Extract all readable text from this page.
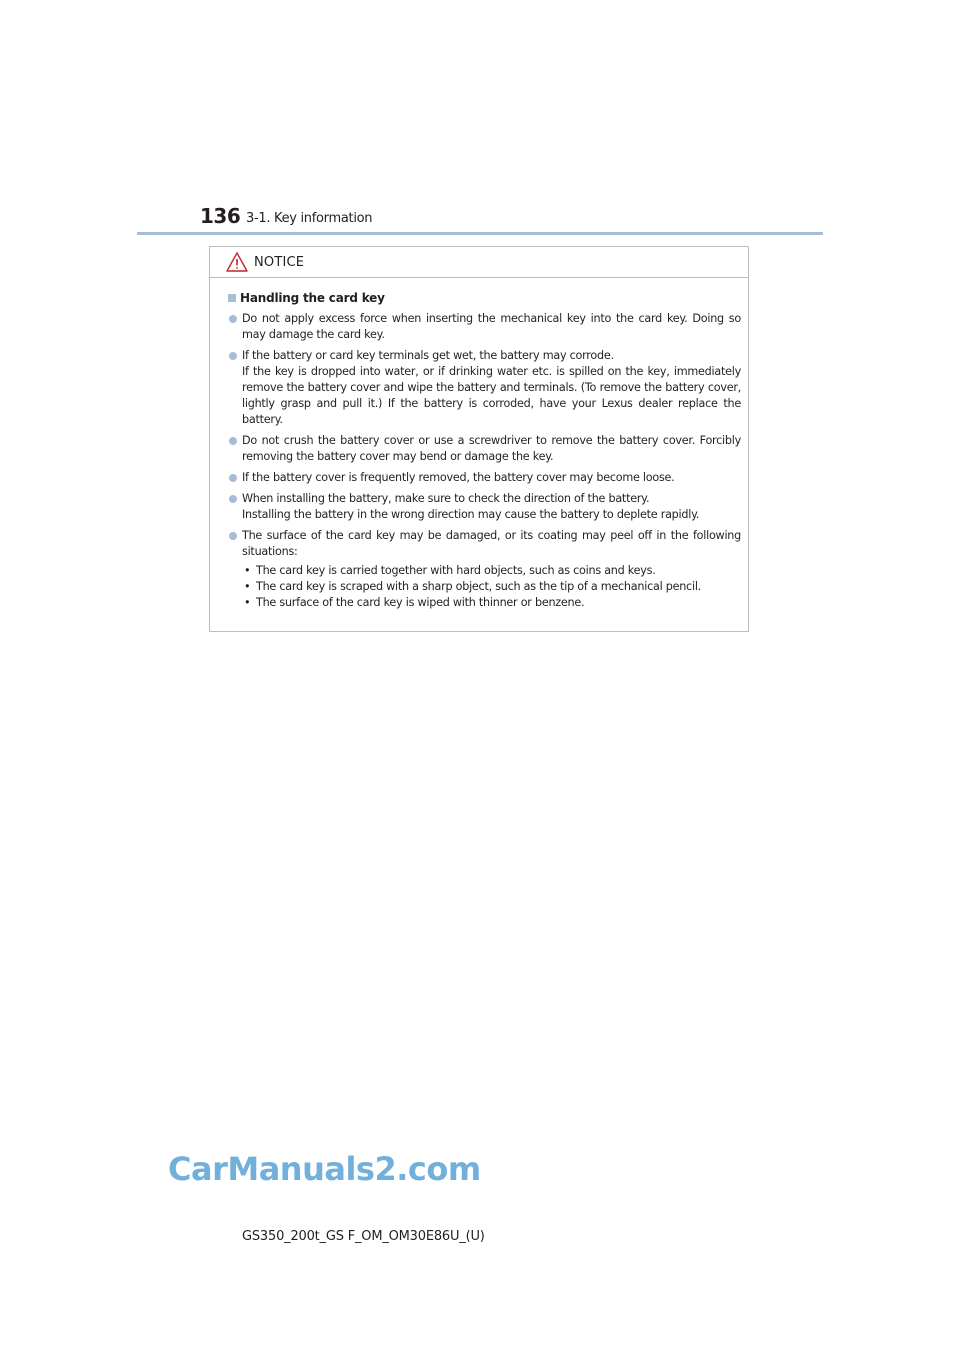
136 3-1. Key information
NOTICE
Handling the card key

Do not apply excess force when inserting the mechanical key into the card key. Doing so may damage the card key.

If the battery or card key terminals get wet, the battery may corrode.

If the key is dropped into water, or if drinking water etc. is spilled on the key, immediately remove the battery cover and wipe the battery and terminals. (To remove the battery cover, lightly grasp and pull it.) If the battery is corroded, have your Lexus dealer replace the battery.

Do not crush the battery cover or use a screwdriver to remove the battery cover. Forcibly removing the battery cover may bend or damage the key.

If the battery cover is frequently removed, the battery cover may become loose.

When installing the battery, make sure to check the direction of the battery.

Installing the battery in the wrong direction may cause the battery to deplete rapidly.

The surface of the card key may be damaged, or its coating may peel off in the following situations:

• The card key is carried together with hard objects, such as coins and keys.
• The card key is scraped with a sharp object, such as the tip of a mechanical pencil.
• The surface of the card key is wiped with thinner or benzene.
CarManuals2.com
GS350_200t_GS F_OM_OM30E86U_(U)
